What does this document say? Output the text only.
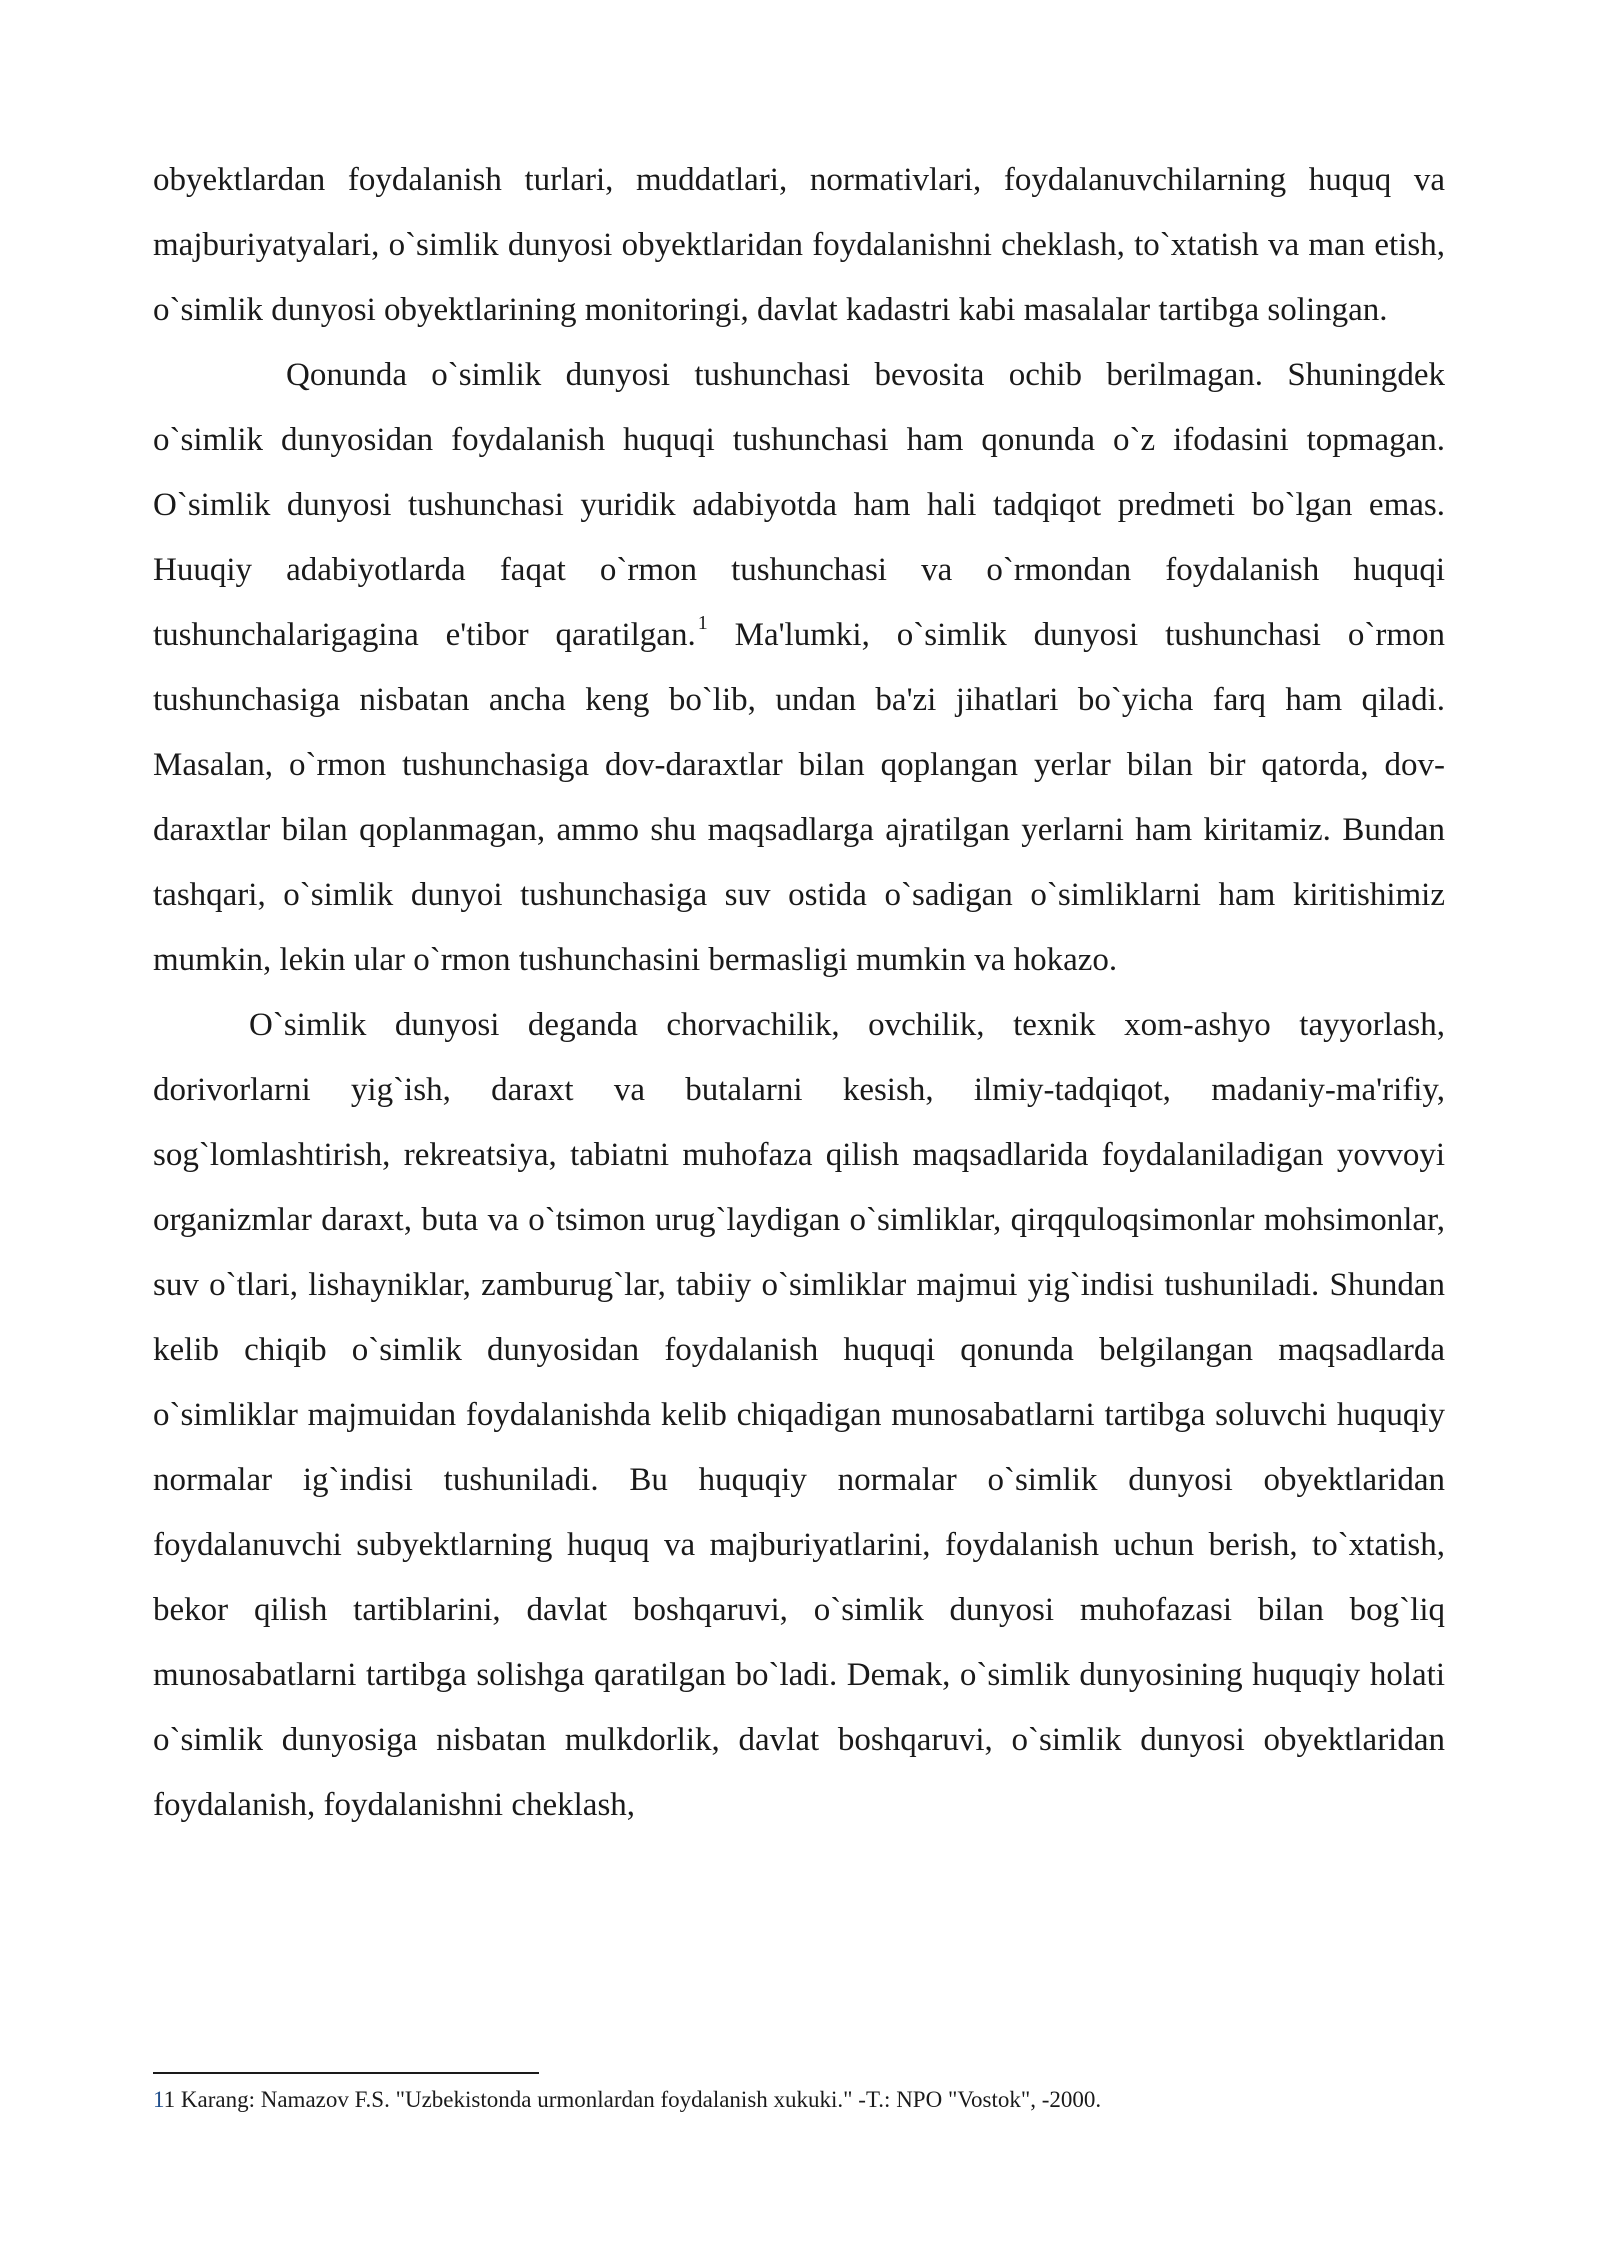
obyektlardan foydalanish turlari, muddatlari, normativlari, foydalanuvchilarning huquq va majburiyatyalari, o`simlik dunyosi obyektlaridan foydalanishni cheklash, to`xtatish va man etish, o`simlik dunyosi obyektlarining monitoringi, davlat kadastri kabi masalalar tartibga solingan.

Qonunda o`simlik dunyosi tushunchasi bevosita ochib berilmagan. Shuningdek o`simlik dunyosidan foydalanish huquqi tushunchasi ham qonunda o`z ifodasini topmagan. O`simlik dunyosi tushunchasi yuridik adabiyotda ham hali tadqiqot predmeti bo`lgan emas. Huuqiy adabiyotlarda faqat o`rmon tushunchasi va o`rmondan foydalanish huquqi tushunchalarigagina e'tibor qaratilgan. $^1$ Ma'lumki, o`simlik dunyosi tushunchasi o`rmon tushunchasiga nisbatan ancha keng bo`lib, undan ba'zi jihatlari bo`yicha farq ham qiladi. Masalan, o`rmon tushunchasiga dov-daraxtlar bilan qoplangan yerlar bilan bir qatorda, dov-daraxtlar bilan qoplanmagan, ammo shu maqsadlarga ajratilgan yerlarni ham kiritamiz. Bundan tashqari, o`simlik dunyoi tushunchasiga suv ostida o`sadigan o`simliklarni ham kiritishimiz mumkin, lekin ular o`rmon tushunchasini bermasligi mumkin va hokazo.

O`simlik dunyosi deganda chorvachilik, ovchilik, texnik xom-ashyo tayyorlash, dorivorlarni yig`ish, daraxt va butalarni kesish, ilmiy-tadqiqot, madaniy-ma'rifiy, sog`lomlashtirish, rekreatsiya, tabiatni muhofaza qilish maqsadlarida foydalaniladigan yovvoyi organizmlar daraxt, buta va o`tsimon urug`laydigan o`simliklar, qirqquloqsimonlar mohsimonlar, suv o`tlari, lishayniklar, zamburug`lar, tabiiy o`simliklar majmui yig`indisi tushuniladi. Shundan kelib chiqib o`simlik dunyosidan foydalanish huquqi qonunda belgilangan maqsadlarda o`simliklar majmuidan foydalanishda kelib chiqadigan munosabatlarni tartibga soluvchi huquqiy normalar ig`indisi tushuniladi. Bu huquqiy normalar o`simlik dunyosi obyektlaridan foydalanuvchi subyektlarning huquq va majburiyatlarini, foydalanish uchun berish, to`xtatish, bekor qilish tartiblarini, davlat boshqaruvi, o`simlik dunyosi muhofazasi bilan bog`liq munosabatlarni tartibga solishga qaratilgan bo`ladi. Demak, o`simlik dunyosining huquqiy holati o`simlik dunyosiga nisbatan mulkdorlik, davlat boshqaruvi, o`simlik dunyosi obyektlaridan foydalanish, foydalanishni cheklash,

11 Karang: Namazov F.S. "Uzbekistonda urmonlardan foydalanish xukuki." -T.: NPO "Vostok", -2000.
